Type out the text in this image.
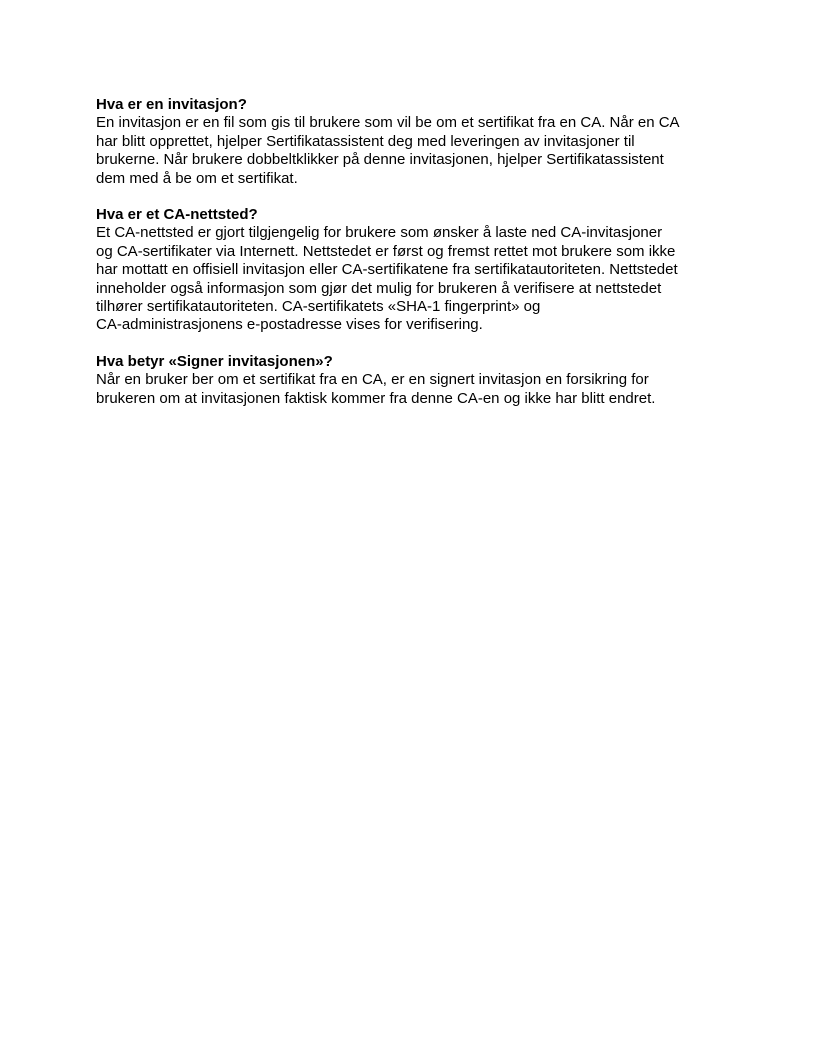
Hva er en invitasjon?

En invitasjon er en fil som gis til brukere som vil be om et sertifikat fra en CA. Når en CA
har blitt opprettet, hjelper Sertifikatassistent deg med leveringen av invitasjoner til
brukerne. Når brukere dobbeltklikker på denne invitasjonen, hjelper Sertifikatassistent
dem med å be om et sertifikat.

Hva er et CA-nettsted?

Et CA-nettsted er gjort tilgjengelig for brukere som ønsker å laste ned CA-invitasjoner
og CA-sertifikater via Internett. Nettstedet er først og fremst rettet mot brukere som ikke
har mottatt en offisiell invitasjon eller CA-sertifikatene fra sertifikatautoriteten. Nettstedet
inneholder også informasjon som gjør det mulig for brukeren å verifisere at nettstedet
tilhører sertifikatautoriteten. CA-sertifikatets «SHA-1 fingerprint» og
CA-administrasjonens e-postadresse vises for verifisering.

Hva betyr «Signer invitasjonen»?

Når en bruker ber om et sertifikat fra en CA, er en signert invitasjon en forsikring for
brukeren om at invitasjonen faktisk kommer fra denne CA-en og ikke har blitt endret.
